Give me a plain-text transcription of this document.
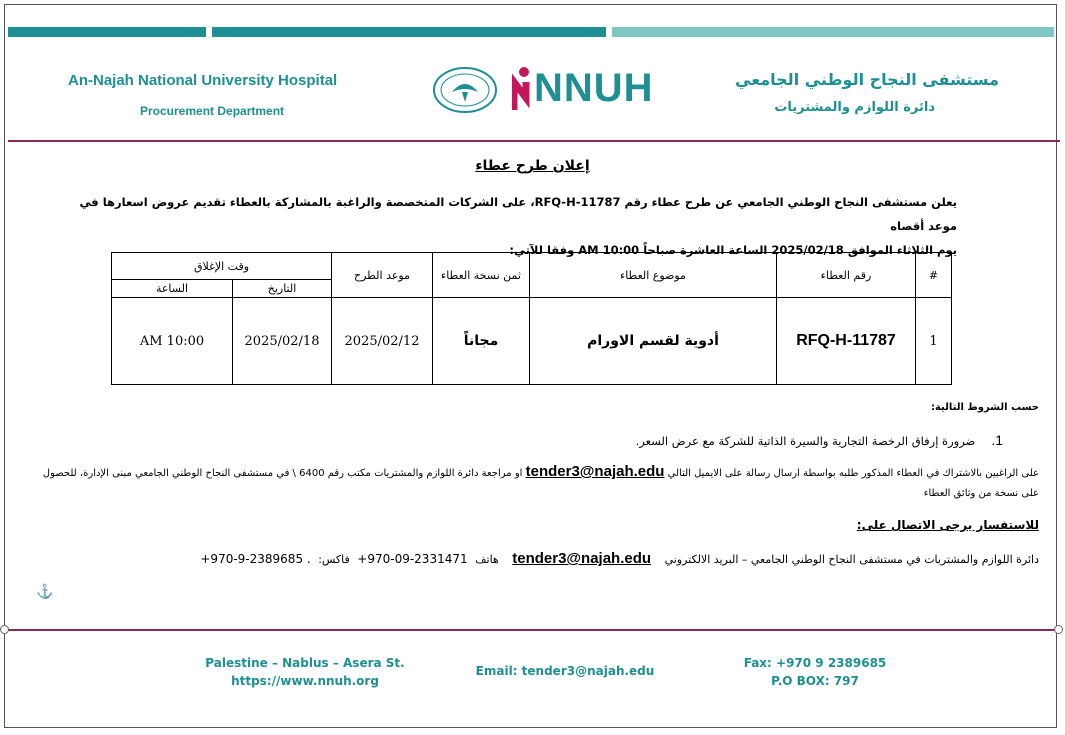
An-Najah National University Hospital
Procurement Department
مستشفى النجاح الوطني الجامعي
دائرة اللوازم والمشتريات
NNUH
إعلان طرح عطاء
يعلن مستشفى النجاح الوطني الجامعي عن طرح عطاء رقم RFQ-H-11787، على الشركات المتخصصة والراغبة بالمشاركة بالعطاء تقديم عروض اسعارها في موعد أقصاه
يوم الثلاثاء الموافق 2025/02/18 الساعة العاشرة صباحاً AM 10:00 وفقا للآتي:
#	رقم العطاء	موضوع العطاء	ثمن نسخة العطاء	موعد الطرح	وقت الإغلاق	
					التاريخ	الساعة
1	RFQ-H-11787	أدوية لقسم الاورام	مجاناً	2025/02/12	2025/02/18	AM 10:00
حسب الشروط التالية:
1.ضرورة إرفاق الرخصة التجارية والسيرة الذاتية للشركة مع عرض السعر.
على الراغبين بالاشتراك في العطاء المذكور طلبه بواسطة ارسال رسالة على الايميل التالي tender3@najah.edu او مراجعة دائرة اللوازم والمشتريات مكتب رقم 6400 \ في مستشفى النجاح الوطني الجامعي مبنى الإدارة، للحصول على نسخة من وثائق العطاء
للاستفسار يرجى الاتصال على:
دائرة اللوازم والمشتريات في مستشفى النجاح الوطني الجامعي – البريد الالكتروني tender3@najah.edu هاتف +970-09-2331471 فاكس: +970-9-2389685 .
⚓
Palestine – Nablus – Asera St.
https://www.nnuh.org
Email: tender3@najah.edu
Fax: +970 9 2389685
P.O BOX: 797
